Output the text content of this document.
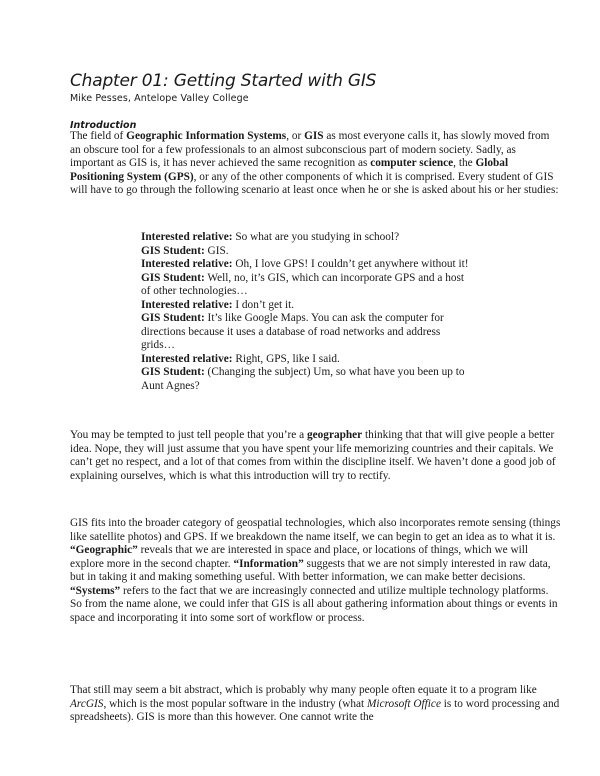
Chapter 01: Getting Started with GIS

Mike Pesses, Antelope Valley College

Introduction

The field of Geographic Information Systems, or GIS as most everyone calls it, has slowly moved from an obscure tool for a few professionals to an almost subconscious part of modern society. Sadly, as important as GIS is, it has never achieved the same recognition as computer science, the Global Positioning System (GPS), or any of the other components of which it is comprised. Every student of GIS will have to go through the following scenario at least once when he or she is asked about his or her studies:

Interested relative: So what are you studying in school?
GIS Student: GIS.
Interested relative: Oh, I love GPS! I couldn’t get anywhere without it!
GIS Student: Well, no, it’s GIS, which can incorporate GPS and a host of other technologies…
Interested relative: I don’t get it.
GIS Student: It’s like Google Maps. You can ask the computer for directions because it uses a database of road networks and address grids…
Interested relative: Right, GPS, like I said.
GIS Student: (Changing the subject) Um, so what have you been up to Aunt Agnes?

You may be tempted to just tell people that you’re a geographer thinking that that will give people a better idea. Nope, they will just assume that you have spent your life memorizing countries and their capitals. We can’t get no respect, and a lot of that comes from within the discipline itself. We haven’t done a good job of explaining ourselves, which is what this introduction will try to rectify.

GIS fits into the broader category of geospatial technologies, which also incorporates remote sensing (things like satellite photos) and GPS. If we breakdown the name itself, we can begin to get an idea as to what it is. “Geographic” reveals that we are interested in space and place, or locations of things, which we will explore more in the second chapter. “Information” suggests that we are not simply interested in raw data, but in taking it and making something useful. With better information, we can make better decisions. “Systems” refers to the fact that we are increasingly connected and utilize multiple technology platforms. So from the name alone, we could infer that GIS is all about gathering information about things or events in space and incorporating it into some sort of workflow or process.

That still may seem a bit abstract, which is probably why many people often equate it to a program like ArcGIS, which is the most popular software in the industry (what Microsoft Office is to word processing and spreadsheets). GIS is more than this however. One cannot write the
